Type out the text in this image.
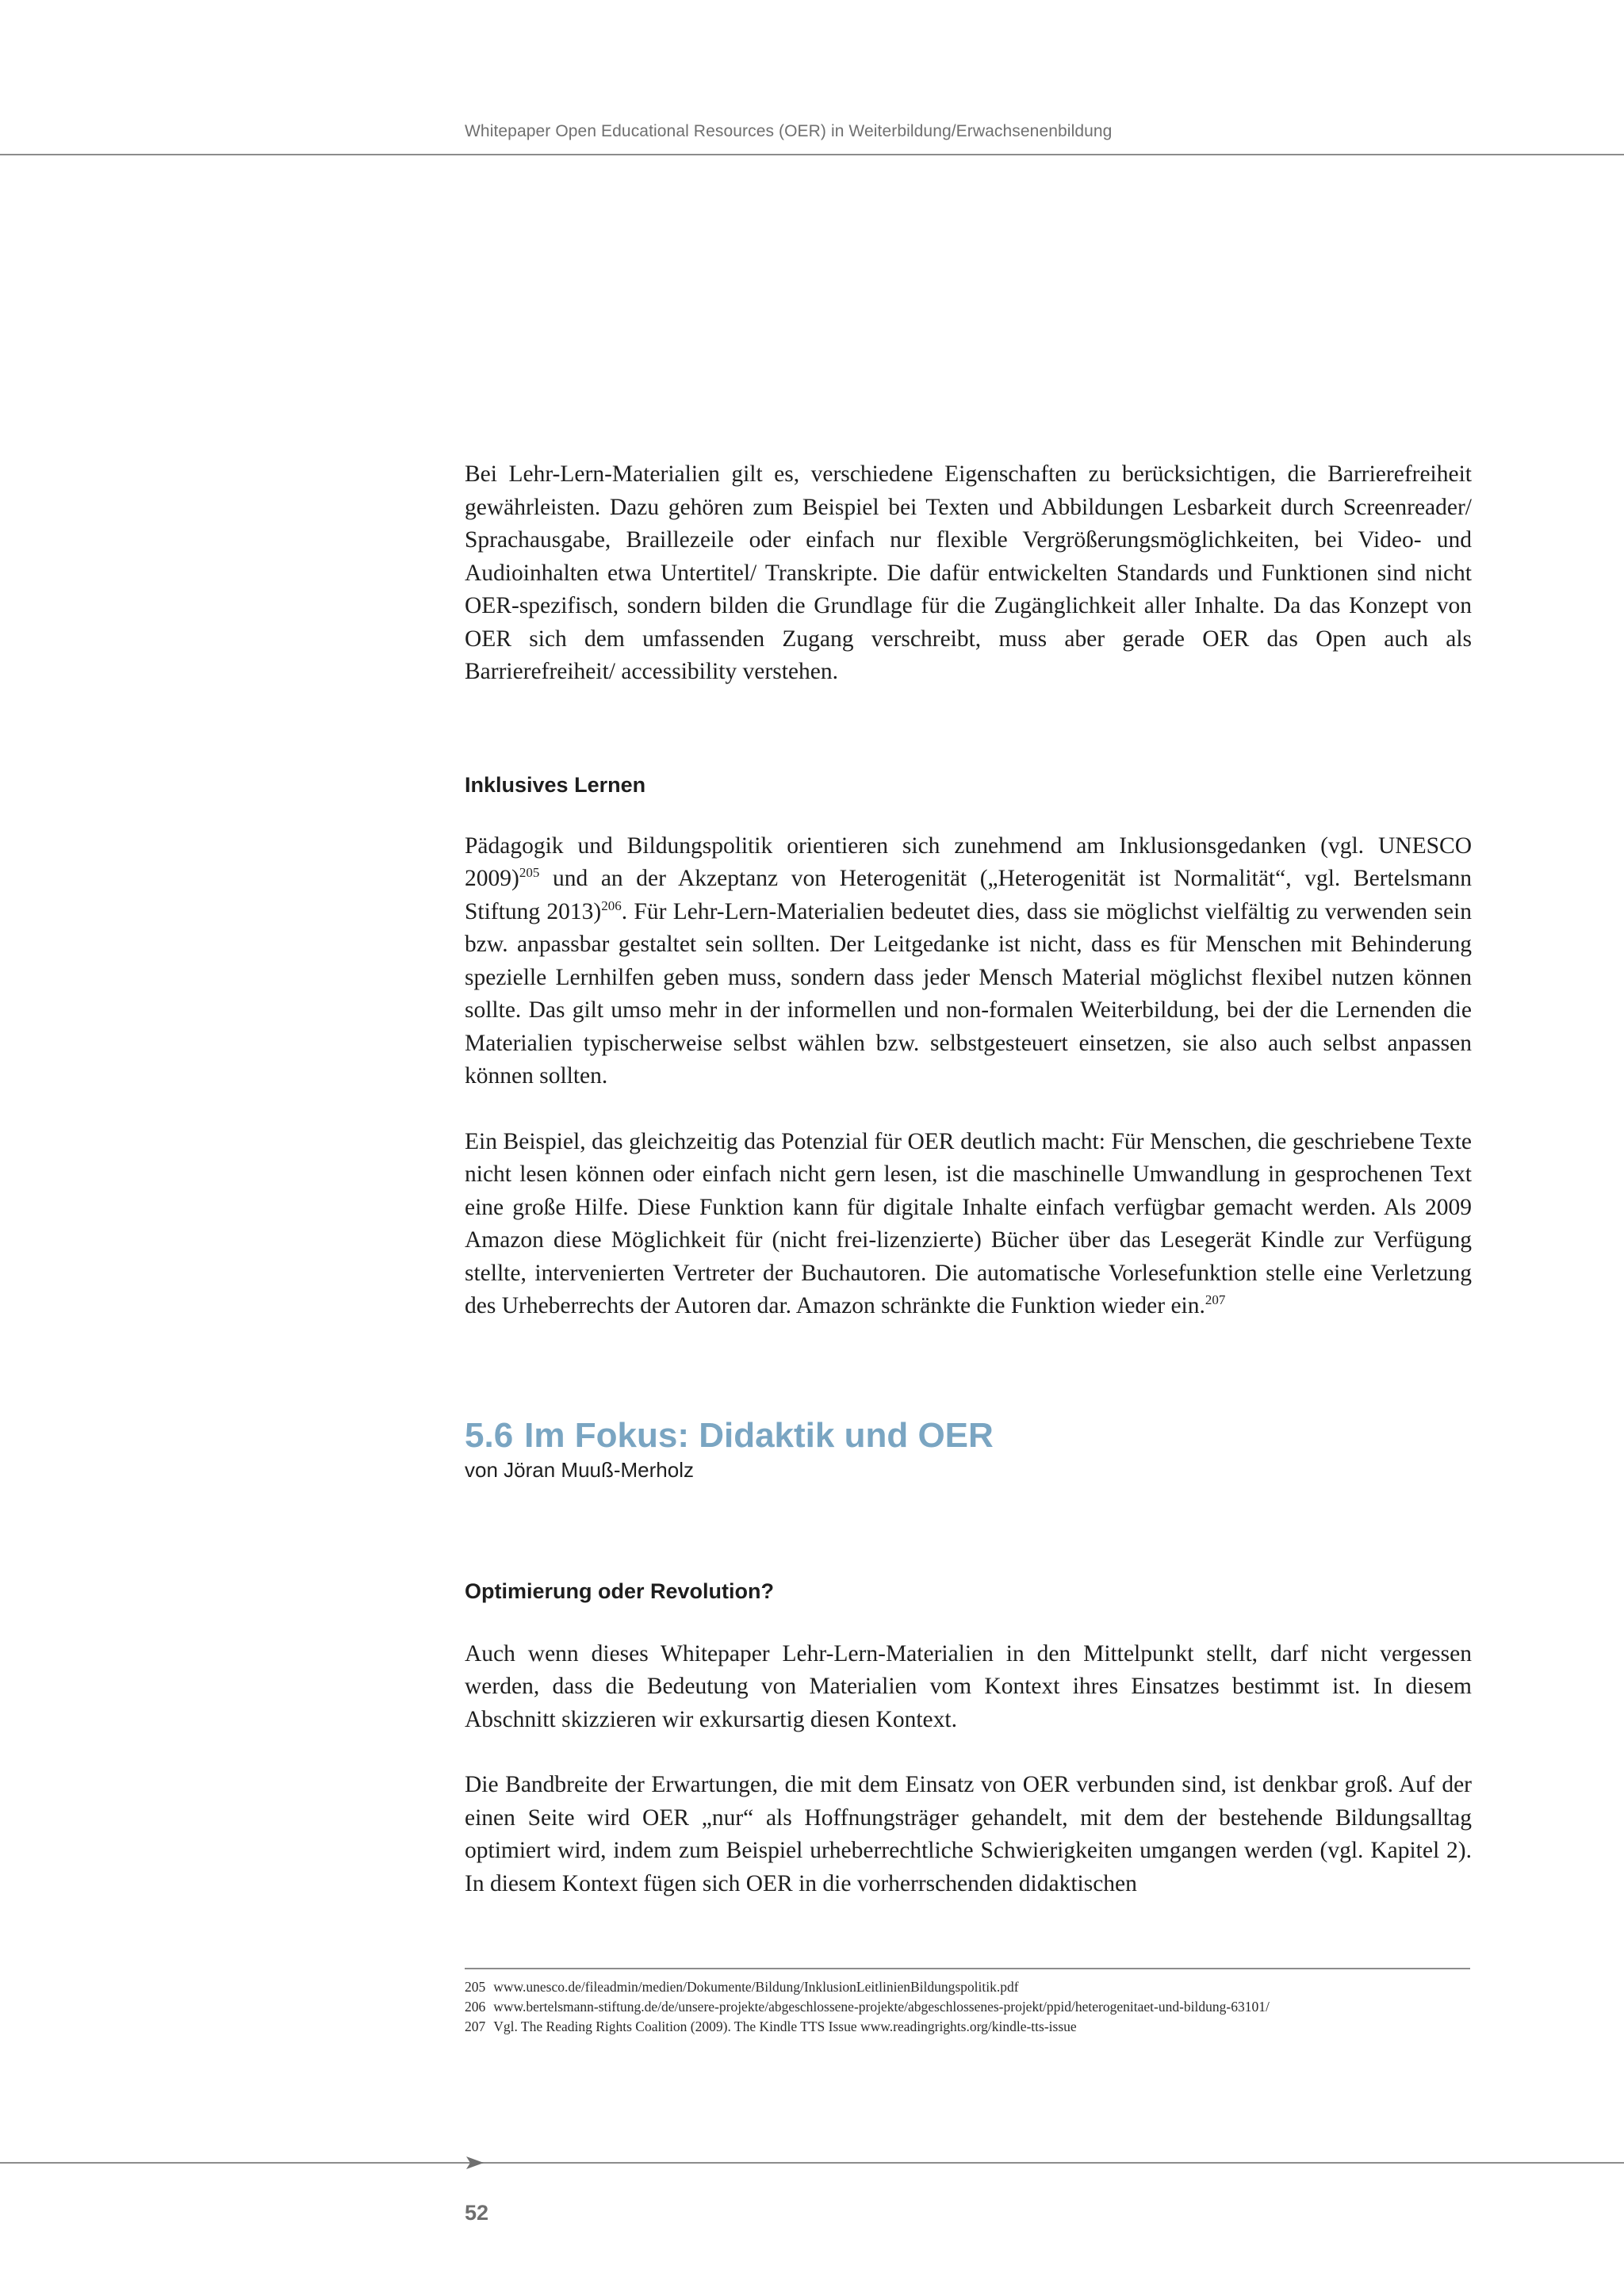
Whitepaper Open Educational Resources (OER) in Weiterbildung/Erwachsenenbildung

Bei Lehr-Lern-Materialien gilt es, verschiedene Eigenschaften zu berücksichtigen, die Barrierefreiheit gewährleisten. Dazu gehören zum Beispiel bei Texten und Abbildungen Lesbarkeit durch Screenreader/ Sprachausgabe, Braillezeile oder einfach nur flexible Vergrößerungsmöglichkeiten, bei Video- und Audioinhalten etwa Untertitel/ Transkripte. Die dafür entwickelten Standards und Funktionen sind nicht OER-spezifisch, sondern bilden die Grundlage für die Zugänglichkeit aller Inhalte. Da das Konzept von OER sich dem umfassenden Zugang verschreibt, muss aber gerade OER das Open auch als Barrierefreiheit/ accessibility verstehen.

Inklusives Lernen

Pädagogik und Bildungspolitik orientieren sich zunehmend am Inklusionsgedanken (vgl. UNESCO 2009)$^{205}$ und an der Akzeptanz von Heterogenität („Heterogenität ist Normalität“, vgl. Bertelsmann Stiftung 2013)$^{206}$. Für Lehr-Lern-Materialien bedeutet dies, dass sie möglichst vielfältig zu verwenden sein bzw. anpassbar gestaltet sein sollten. Der Leitgedanke ist nicht, dass es für Menschen mit Behinderung spezielle Lernhilfen geben muss, sondern dass jeder Mensch Material möglichst flexibel nutzen können sollte. Das gilt umso mehr in der informellen und non-formalen Weiterbildung, bei der die Lernenden die Materialien typischerweise selbst wählen bzw. selbstgesteuert einsetzen, sie also auch selbst anpassen können sollten.

Ein Beispiel, das gleichzeitig das Potenzial für OER deutlich macht: Für Menschen, die geschriebene Texte nicht lesen können oder einfach nicht gern lesen, ist die maschinelle Umwandlung in gesprochenen Text eine große Hilfe. Diese Funktion kann für digitale Inhalte einfach verfügbar gemacht werden. Als 2009 Amazon diese Möglichkeit für (nicht frei-lizenzierte) Bücher über das Lesegerät Kindle zur Verfügung stellte, intervenierten Vertreter der Buchautoren. Die automatische Vorlesefunktion stelle eine Verletzung des Urheberrechts der Autoren dar. Amazon schränkte die Funktion wieder ein.$^{207}$

5.6 Im Fokus: Didaktik und OER

von Jöran Muuß-Merholz

Optimierung oder Revolution?

Auch wenn dieses Whitepaper Lehr-Lern-Materialien in den Mittelpunkt stellt, darf nicht vergessen werden, dass die Bedeutung von Materialien vom Kontext ihres Einsatzes bestimmt ist. In diesem Abschnitt skizzieren wir exkursartig diesen Kontext.

Die Bandbreite der Erwartungen, die mit dem Einsatz von OER verbunden sind, ist denkbar groß. Auf der einen Seite wird OER „nur“ als Hoffnungsträger gehandelt, mit dem der bestehende Bildungsalltag optimiert wird, indem zum Beispiel urheberrechtliche Schwierigkeiten umgangen werden (vgl. Kapitel 2). In diesem Kontext fügen sich OER in die vorherrschenden didaktischen

205 www.unesco.de/fileadmin/medien/Dokumente/Bildung/InklusionLeitlinienBildungspolitik.pdf
206 www.bertelsmann-stiftung.de/de/unsere-projekte/abgeschlossene-projekte/abgeschlossenes-projekt/ppid/heterogenitaet-und-bildung-63101/
207 Vgl. The Reading Rights Coalition (2009). The Kindle TTS Issue www.readingrights.org/kindle-tts-issue
52
